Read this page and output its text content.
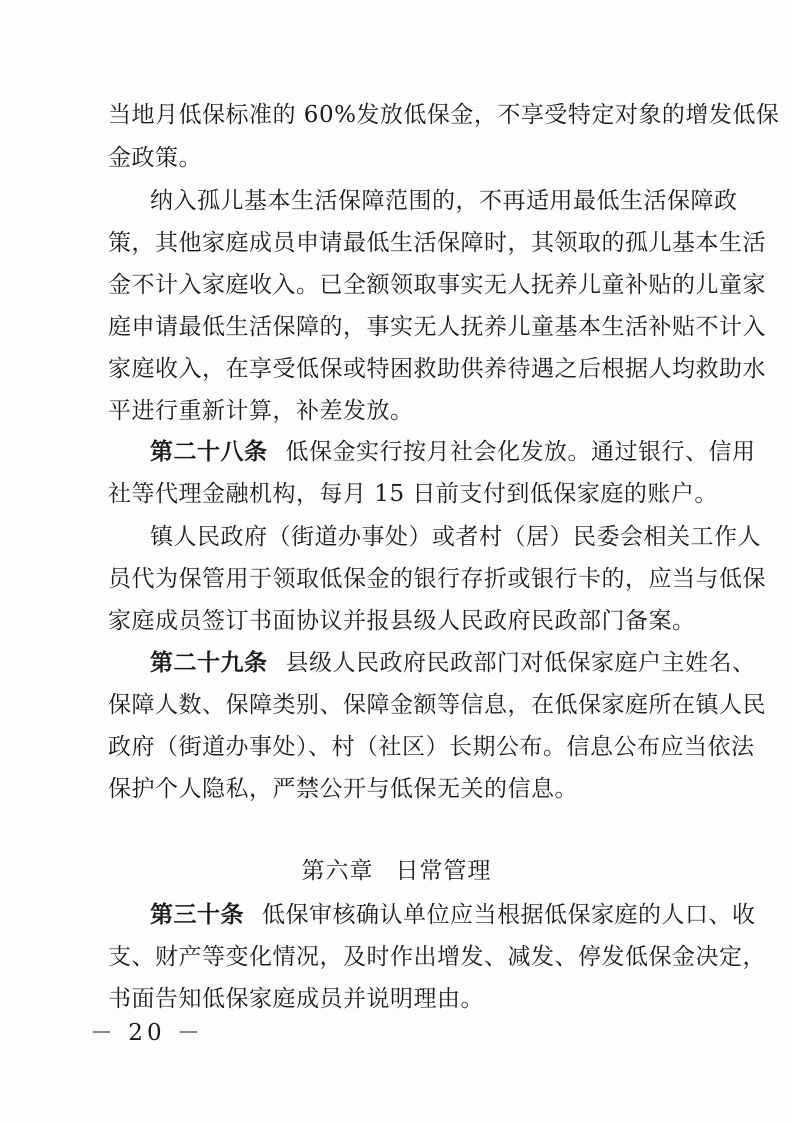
当地月低保标准的 60%发放低保金，不享受特定对象的增发低保
金政策。
纳入孤儿基本生活保障范围的，不再适用最低生活保障政
策，其他家庭成员申请最低生活保障时，其领取的孤儿基本生活
金不计入家庭收入。已全额领取事实无人抚养儿童补贴的儿童家
庭申请最低生活保障的，事实无人抚养儿童基本生活补贴不计入
家庭收入，在享受低保或特困救助供养待遇之后根据人均救助水
平进行重新计算，补差发放。
第二十八条 低保金实行按月社会化发放。通过银行、信用
社等代理金融机构，每月 15 日前支付到低保家庭的账户。
镇人民政府（街道办事处）或者村（居）民委会相关工作人
员代为保管用于领取低保金的银行存折或银行卡的，应当与低保
家庭成员签订书面协议并报县级人民政府民政部门备案。
第二十九条 县级人民政府民政部门对低保家庭户主姓名、
保障人数、保障类别、保障金额等信息，在低保家庭所在镇人民
政府（街道办事处）、村（社区）长期公布。信息公布应当依法
保护个人隐私，严禁公开与低保无关的信息。
第六章 日常管理
第三十条 低保审核确认单位应当根据低保家庭的人口、收
支、财产等变化情况，及时作出增发、减发、停发低保金决定，
书面告知低保家庭成员并说明理由。
－ 20 －
